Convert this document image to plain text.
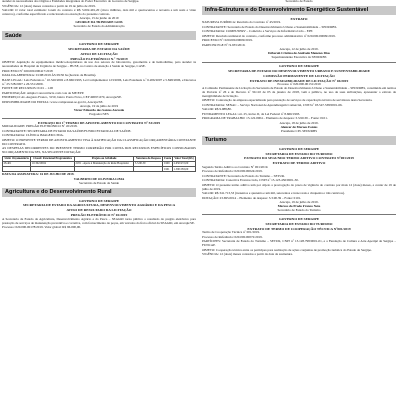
atender às necessidades dos Órgãos e Entidades integrantes do Poder Executivo do Governo de Sergipe.
VIGÊNCIA: 12 (doze) meses contados a partir de 19 de julho de 2019.
VALOR: O valor total estimado: lorem do contrato é R$ 5.002.491,20 (cinco milhões, dois mil e quatrocentos e noventa e um reais e vinte centavos), conforme especificado e relacionado na execução do presente contrato.
Aracaju, 15 de junho de 2019
GEORGE DA TRINDADE GOIS
Secretário de Estado da Administração
Saúde
GOVERNO DE SERGIPE
SECRETARIA DE ESTADO DA SAÚDE
AVISO DE LICITAÇÃO
PREGÃO ELETRÔNICO N.º 76/2019
OBJETO: Aquisição de equipamentos médico-hospitalares de uso dos setores de laboratório, gasometria e de hemodiálise, para atender às necessidades do Hospital de Urgência de Sergipe – HUSE, no Centro de Atenção à Saúde de Sergipe, CASE.
PROCESSO Nº 020.000.000417/2018
DATA DA ABERTURA: 01/08/2019 ÀS 09:30 hs (horário de Brasília).
BASE LEGAL: Leis Federais n.º 10.520/2002 e 8.666/1993, Lei Complementar 123/2006, Leis Estaduais n.º 6.206/2007 e 5.848/2006, e Decretos n.º 25.728/2007 e 26.531/2009.
FONTE DE RECURSOS: 0101 – 1.00
PARTICIPAÇÃO: Ampla Concorrência com cota de ME/EPP.
ENDEREÇO: Av. Augusto Franco, 3150, bairro Ponto Novo, CEP 49097-670, Aracaju/SE.
DISPONIBILIDADE DO EDITAL: www.comprasnet.se.gov.br, Aracaju/SE.
Aracaju, 19 de julho de 2019
Victor Eduardo dos Santos Azevedo
Pregoeiro/SES
EXTRATO DO 1º TERMO DE APOSTILAMENTO DO CONTRATO Nº 53/2019
MODALIDADE: PREGÃO ELETRÔNICO Nº 45/2018.
CONTRATANTE: SECRETARIA DE ESTADO DA SAÚDE/FUNDO ESTADUAL DE SAÚDE.
CONTRATADA: CLÍNICA IMAGEM LTDA.
OBJETO: O PRESENTE TERMO DE APOSTILAMENTO VISA À RATIFICAÇÃO DA CLASSIFICAÇÃO ORÇAMENTÁRIA CONSTANTE DO CONTRATO.
AS DESPESAS DECORRENTES DO PRESENTE TERMO CORRERÃO POR CONTA DOS RECURSOS ESPECÍFICOS CONSIGNADOS NO ORÇAMENTO DA SES, NA SEGUINTE DOTAÇÃO:
Unid. Orçamentária	Classif. Funcional Programática	Projeto ou Atividade	Natureza da Despesa	Fonte	Valor Total (R$)
28.401	10.302.0004	2181 - Apoio à Manutenção da Rede Hospitalar	3.3.90.39	0109	2.650.972,00
				0101	1.590.583,00
DATA DA ASSINATURA: 16 DE JULHO DE 2019.
VALBERTO DE OLIVEIRA LIMA
Secretário de Estado da Saúde
Agricultura e do Desenvolvimento Rural
GOVERNO DE SERGIPE
SECRETARIA DE ESTADO DA AGRICULTURA, DESENVOLVIMENTO AGRÁRIO E DA PESCA
AVISO DE RESULTADO DA LICITAÇÃO
PREGÃO ELETRÔNICO Nº 02/2019
A Secretaria de Estado da Agricultura, Desenvolvimento Agrário e da Pesca – SEAGRI torna público o resultado do pregão eletrônico para prestação de serviços de manutenção preventiva e corretiva, com fornecimento de peças, em veículos da frota oficial da SEAGRI, em Aracaju/SE.
Processo: 020.000.00178/2019. Valor global: R$ 96.000,00.
Secretário de Estado
Infra-Estrutura e do Desenvolvimento Energético Sustentável
EXTRATO
NATUREZA JURÍDICA: Rescisão do Contrato nº 45/2019.
CONTRATANTE: Secretaria de Estado do Desenvolvimento Urbano e Sustentabilidade – SEDURBS.
CONTRATADA: COMPUSERV – Comércio e Serviços de Informática Ltda – EPP.
OBJETO: Rescisão unilateral do contrato, conforme processo administrativo nº 020.000.00009/2019.
PROCESSO Nº: 020.000.00009/2019.
PARECER PGE Nº: 9.935/2019.
Aracaju, 12 de julho de 2019.
Déborah Cristina de Andrade Menezes Dias
Superintendente Executiva da SEDURBS
GOVERNO DE SERGIPE
SECRETARIA DE ESTADO DO DESENVOLVIMENTO URBANO E SUSTENTABILIDADE
COMISSÃO PERMANENTE DE LICITAÇÃO
EXTRATO DE INEXIGIBILIDADE DE LICITAÇÃO Nº 04/2019
Processo nº 020.000.00131/2019
A Comissão Permanente de Licitação da Secretaria de Estado do Desenvolvimento Urbano e Sustentabilidade – SEDURBS, constituída em termos da Portaria nº 26 e do Decreto nº 30.110 de 05 de janeiro de 2018, vem a público, no uso de suas atribuições, apresentar o extrato da inexigibilidade de licitação.
OBJETO: Contratação de empresa especializada para prestação de serviços de capacitação técnica de servidores desta Secretaria.
CONTRATADA: SENAC – Serviço Nacional de Aprendizagem Comercial, CNPJ nº 03.547.538/0001-66.
VALOR: R$ 9.988,80.
FUNDAMENTO LEGAL: art. 25, inciso II, da Lei Federal nº 8.666/1993.
PROGRAMA DE TRABALHO: 15.122.0004 – Elemento de despesa: 3.3.90.39 – Fonte: 0101.
Aracaju, 18 de julho de 2019.
Alencar de Moraes Fontes
Presidente CPL SEDURBS
Turismo
GOVERNO DE SERGIPE
SECRETARIA DE ESTADO DO TURISMO
EXTRATO DO SEGUNDO TERMO ADITIVO CONTRATO Nº001/2019
EXTRATO DE TERMO ADITIVO
Segundo Termo Aditivo ao Contrato Nº 001/2019.
Processo de Referência: 020.000.00024/2019.
CONTRATANTE: Secretaria de Estado do Turismo – SETUR.
CONTRATADA: Conectiva Eventos Ltda, CNPJ nº 15.123.456/0001-30.
OBJETO: O presente termo aditivo tem por objeto a prorrogação do prazo de vigência do contrato por mais 12 (doze) meses, a contar de 19 de julho de 2019.
VALOR: R$ 341.713,53 (trezentos e quarenta e um mil, setecentos e treze reais e cinquenta e três centavos).
DOTAÇÃO: 23.695.0014 – Elemento de despesa: 3.3.90.39 – Fonte: 0101.
Aracaju, 19 de julho de 2019.
Marcos do Prado Franco Neto
Secretário de Estado do Turismo
GOVERNO DE SERGIPE
SECRETARIA DE ESTADO DO TURISMO
EXTRATO DE TERMO DE COOPERAÇÃO TÉCNICA Nº001/2019
Termo de Cooperação Técnica nº 001/2019.
Processo de Referência: 020.000.00072/2019.
PARTÍCIPES: Secretaria de Estado do Turismo – SETUR, CNPJ nº 13.128.798/0001-01, e a Fundação de Cultura e Arte Aperipê de Sergipe – FUNCAP.
OBJETO: Cooperação técnica entre os partícipes para realização de ações conjuntas de promoção turística do Estado de Sergipe.
VIGÊNCIA: 12 (doze) meses contados a partir da data da assinatura.
